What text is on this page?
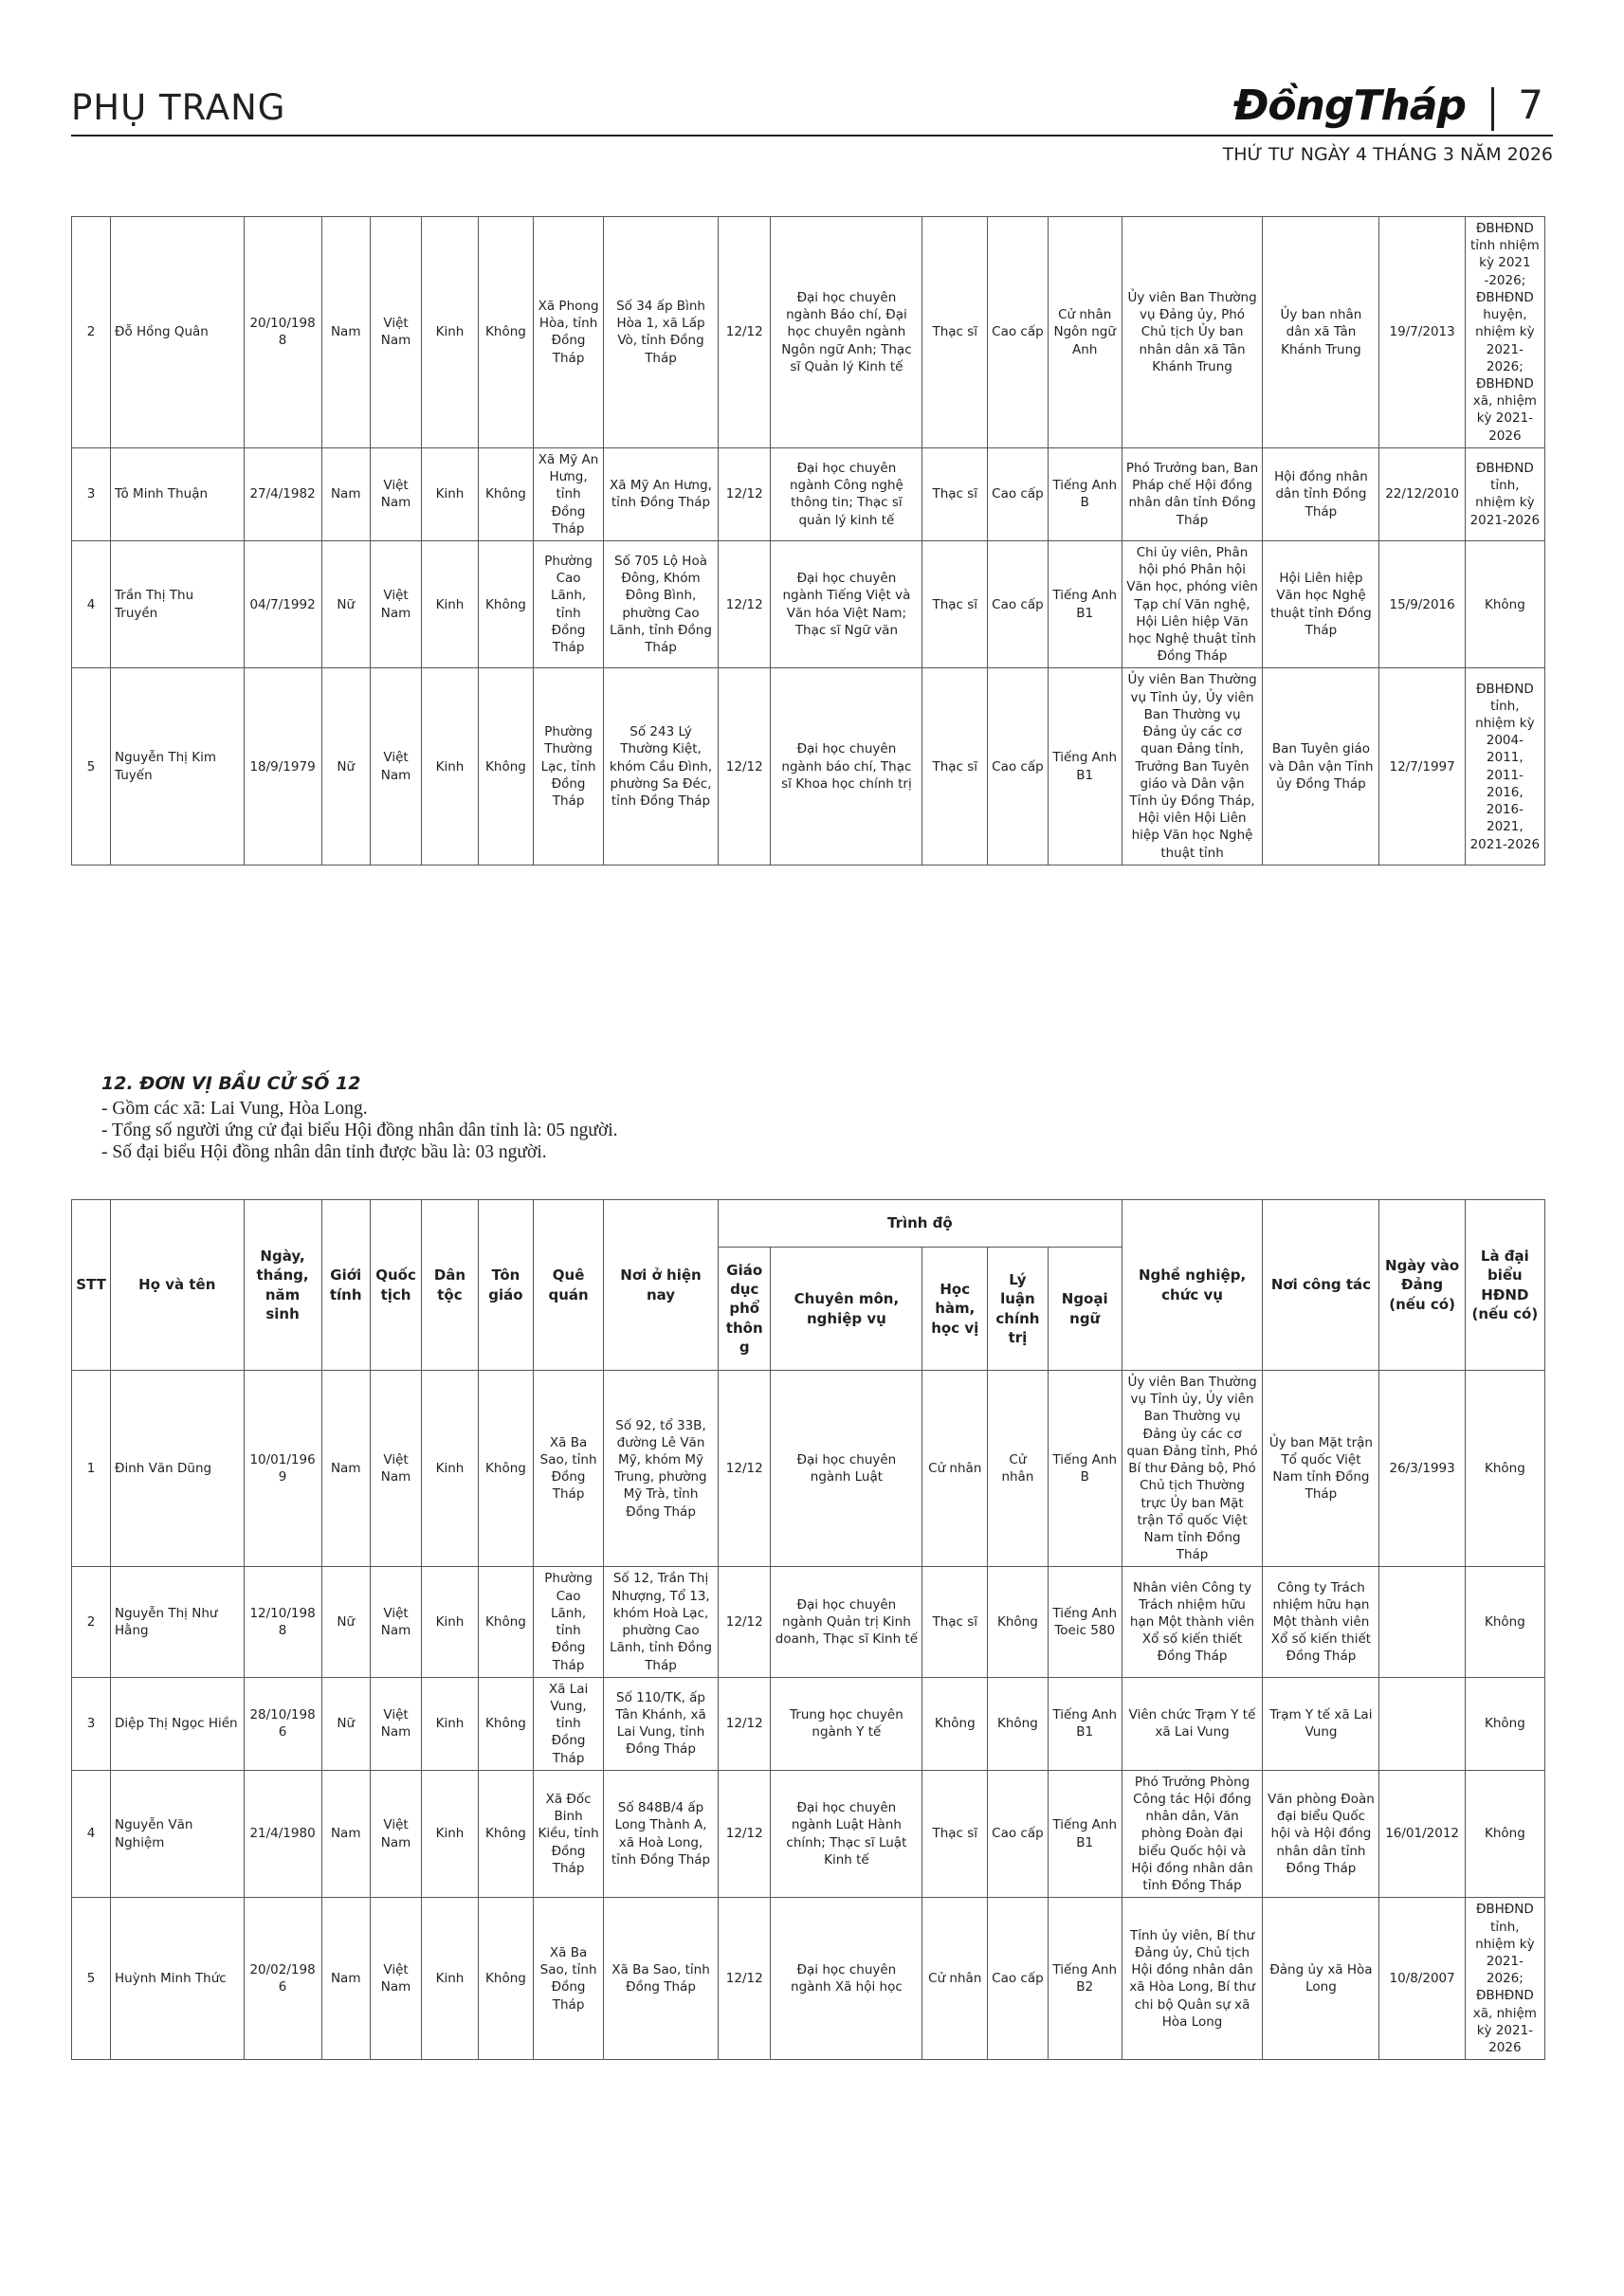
PHỤ TRANG	ĐồngTháp 7
THỨ TƯ NGÀY 4 THÁNG 3 NĂM 2026
2	Đỗ Hồng Quân	20/10/1988	Nam	Việt Nam	Kinh	Không	Xã Phong Hòa, tỉnh Đồng Tháp	Số 34 ấp Bình Hòa 1, xã Lấp Vò, tỉnh Đồng Tháp	12/12	Đại học chuyên ngành Báo chí, Đại học chuyên ngành Ngôn ngữ Anh; Thạc sĩ Quản lý Kinh tế	Thạc sĩ	Cao cấp	Cử nhân Ngôn ngữ Anh	Ủy viên Ban Thường vụ Đảng ủy, Phó Chủ tịch Ủy ban nhân dân xã Tân Khánh Trung	Ủy ban nhân dân xã Tân Khánh Trung	19/7/2013	ĐBHĐND tỉnh nhiệm kỳ 2021 -2026; ĐBHĐND huyện, nhiệm kỳ 2021-2026; ĐBHĐND xã, nhiệm kỳ 2021-2026
3	Tô Minh Thuận	27/4/1982	Nam	Việt Nam	Kinh	Không	Xã Mỹ An Hưng, tỉnh Đồng Tháp	Xã Mỹ An Hưng, tỉnh Đồng Tháp	12/12	Đại học chuyên ngành Công nghệ thông tin; Thạc sĩ quản lý kinh tế	Thạc sĩ	Cao cấp	Tiếng Anh B	Phó Trưởng ban, Ban Pháp chế Hội đồng nhân dân tỉnh Đồng Tháp	Hội đồng nhân dân tỉnh Đồng Tháp	22/12/2010	ĐBHĐND tỉnh, nhiệm kỳ 2021-2026
4	Trần Thị Thu Truyền	04/7/1992	Nữ	Việt Nam	Kinh	Không	Phường Cao Lãnh, tỉnh Đồng Tháp	Số 705 Lộ Hoà Đông, Khóm Đông Bình, phường Cao Lãnh, tỉnh Đồng Tháp	12/12	Đại học chuyên ngành Tiếng Việt và Văn hóa Việt Nam; Thạc sĩ Ngữ văn	Thạc sĩ	Cao cấp	Tiếng Anh B1	Chi ủy viên, Phân hội phó Phân hội Văn học, phóng viên Tạp chí Văn nghệ, Hội Liên hiệp Văn học Nghệ thuật tỉnh Đồng Tháp	Hội Liên hiệp Văn học Nghệ thuật tỉnh Đồng Tháp	15/9/2016	Không
5	Nguyễn Thị Kim Tuyến	18/9/1979	Nữ	Việt Nam	Kinh	Không	Phường Thường Lạc, tỉnh Đồng Tháp	Số 243 Lý Thường Kiệt, khóm Cầu Đình, phường Sa Đéc, tỉnh Đồng Tháp	12/12	Đại học chuyên ngành báo chí, Thạc sĩ Khoa học chính trị	Thạc sĩ	Cao cấp	Tiếng Anh B1	Ủy viên Ban Thường vụ Tỉnh ủy, Ủy viên Ban Thường vụ Đảng ủy các cơ quan Đảng tỉnh, Trưởng Ban Tuyên giáo và Dân vận Tỉnh ủy Đồng Tháp, Hội viên Hội Liên hiệp Văn học Nghệ thuật tỉnh	Ban Tuyên giáo và Dân vận Tỉnh ủy Đồng Tháp	12/7/1997	ĐBHĐND tỉnh, nhiệm kỳ 2004-2011, 2011-2016, 2016-2021, 2021-2026
12. ĐƠN VỊ BẦU CỬ SỐ 12

- Gồm các xã: Lai Vung, Hòa Long.

- Tổng số người ứng cử đại biểu Hội đồng nhân dân tỉnh là: 05 người.

- Số đại biểu Hội đồng nhân dân tỉnh được bầu là: 03 người.

STT	Họ và tên	Ngày, tháng, năm sinh	Giới tính	Quốc tịch	Dân tộc	Tôn giáo	Quê quán	Nơi ở hiện nay	Trình độ					Nghề nghiệp, chức vụ	Nơi công tác	Ngày vào Đảng (nếu có)	Là đại biểu HĐND (nếu có)
									Giáo dục phổ thông	Chuyên môn, nghiệp vụ	Học hàm, học vị	Lý luận chính trị	Ngoại ngữ				
1	Đinh Văn Dũng	10/01/1969	Nam	Việt Nam	Kinh	Không	Xã Ba Sao, tỉnh Đồng Tháp	Số 92, tổ 33B, đường Lê Văn Mỹ, khóm Mỹ Trung, phường Mỹ Trà, tỉnh Đồng Tháp	12/12	Đại học chuyên ngành Luật	Cử nhân	Cử nhân	Tiếng Anh B	Ủy viên Ban Thường vụ Tỉnh ủy, Ủy viên Ban Thường vụ Đảng ủy các cơ quan Đảng tỉnh, Phó Bí thư Đảng bộ, Phó Chủ tịch Thường trực Ủy ban Mặt trận Tổ quốc Việt Nam tỉnh Đồng Tháp	Ủy ban Mặt trận Tổ quốc Việt Nam tỉnh Đồng Tháp	26/3/1993	Không
2	Nguyễn Thị Như Hằng	12/10/1988	Nữ	Việt Nam	Kinh	Không	Phường Cao Lãnh, tỉnh Đồng Tháp	Số 12, Trần Thị Nhượng, Tổ 13, khóm Hoà Lạc, phường Cao Lãnh, tỉnh Đồng Tháp	12/12	Đại học chuyên ngành Quản trị Kinh doanh, Thạc sĩ Kinh tế	Thạc sĩ	Không	Tiếng Anh Toeic 580	Nhân viên Công ty Trách nhiệm hữu hạn Một thành viên Xổ số kiến thiết Đồng Tháp	Công ty Trách nhiệm hữu hạn Một thành viên Xổ số kiến thiết Đồng Tháp		Không
3	Diệp Thị Ngọc Hiền	28/10/1986	Nữ	Việt Nam	Kinh	Không	Xã Lai Vung, tỉnh Đồng Tháp	Số 110/TK, ấp Tân Khánh, xã Lai Vung, tỉnh Đồng Tháp	12/12	Trung học chuyên ngành Y tế	Không	Không	Tiếng Anh B1	Viên chức Trạm Y tế xã Lai Vung	Trạm Y tế xã Lai Vung		Không
4	Nguyễn Văn Nghiệm	21/4/1980	Nam	Việt Nam	Kinh	Không	Xã Đốc Binh Kiều, tỉnh Đồng Tháp	Số 848B/4 ấp Long Thành A, xã Hoà Long, tỉnh Đồng Tháp	12/12	Đại học chuyên ngành Luật Hành chính; Thạc sĩ Luật Kinh tế	Thạc sĩ	Cao cấp	Tiếng Anh B1	Phó Trưởng Phòng Công tác Hội đồng nhân dân, Văn phòng Đoàn đại biểu Quốc hội và Hội đồng nhân dân tỉnh Đồng Tháp	Văn phòng Đoàn đại biểu Quốc hội và Hội đồng nhân dân tỉnh Đồng Tháp	16/01/2012	Không
5	Huỳnh Minh Thức	20/02/1986	Nam	Việt Nam	Kinh	Không	Xã Ba Sao, tỉnh Đồng Tháp	Xã Ba Sao, tỉnh Đồng Tháp	12/12	Đại học chuyên ngành Xã hội học	Cử nhân	Cao cấp	Tiếng Anh B2	Tỉnh ủy viên, Bí thư Đảng ủy, Chủ tịch Hội đồng nhân dân xã Hòa Long, Bí thư chi bộ Quân sự xã Hòa Long	Đảng ủy xã Hòa Long	10/8/2007	ĐBHĐND tỉnh, nhiệm kỳ 2021-2026; ĐBHĐND xã, nhiệm kỳ 2021-2026
